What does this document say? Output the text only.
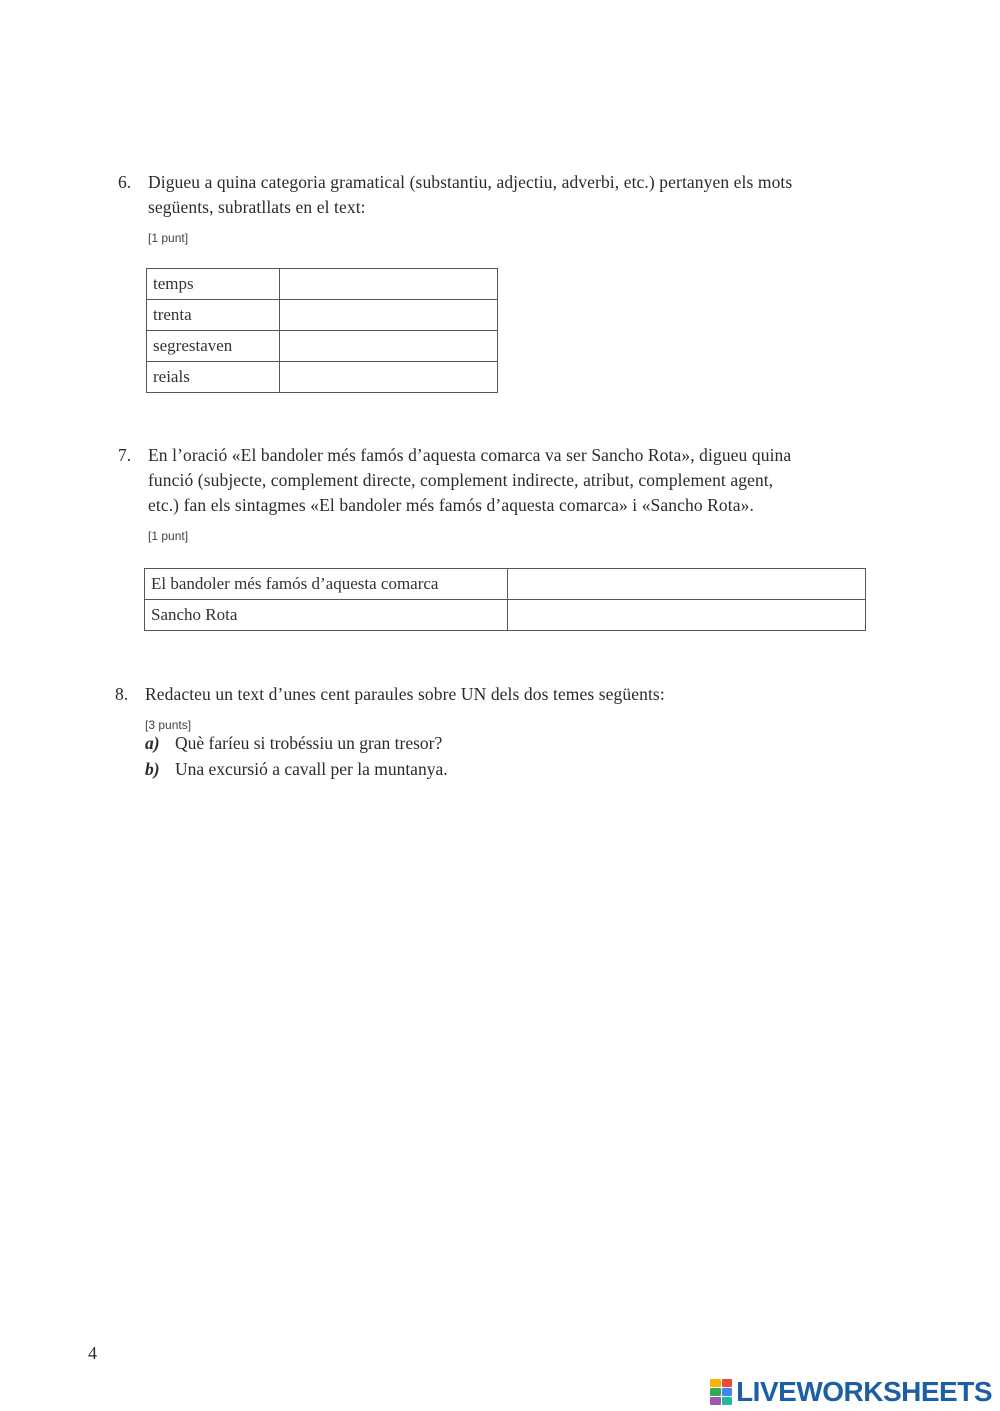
6. Digueu a quina categoria gramatical (substantiu, adjectiu, adverbi, etc.) pertanyen els mots
següents, subratllats en el text:
[1 punt]
temps	
trenta	
segrestaven	
reials	
7. En l’oració «El bandoler més famós d’aquesta comarca va ser Sancho Rota», digueu quina
funció (subjecte, complement directe, complement indirecte, atribut, complement agent,
etc.) fan els sintagmes «El bandoler més famós d’aquesta comarca» i «Sancho Rota».
[1 punt]
El bandoler més famós d’aquesta comarca	
Sancho Rota	
8. Redacteu un text d’unes cent paraules sobre UN dels dos temes següents:
[3 punts]
a) Què faríeu si trobéssiu un gran tresor?
b) Una excursió a cavall per la muntanya.
4
LIVEWORKSHEETS
